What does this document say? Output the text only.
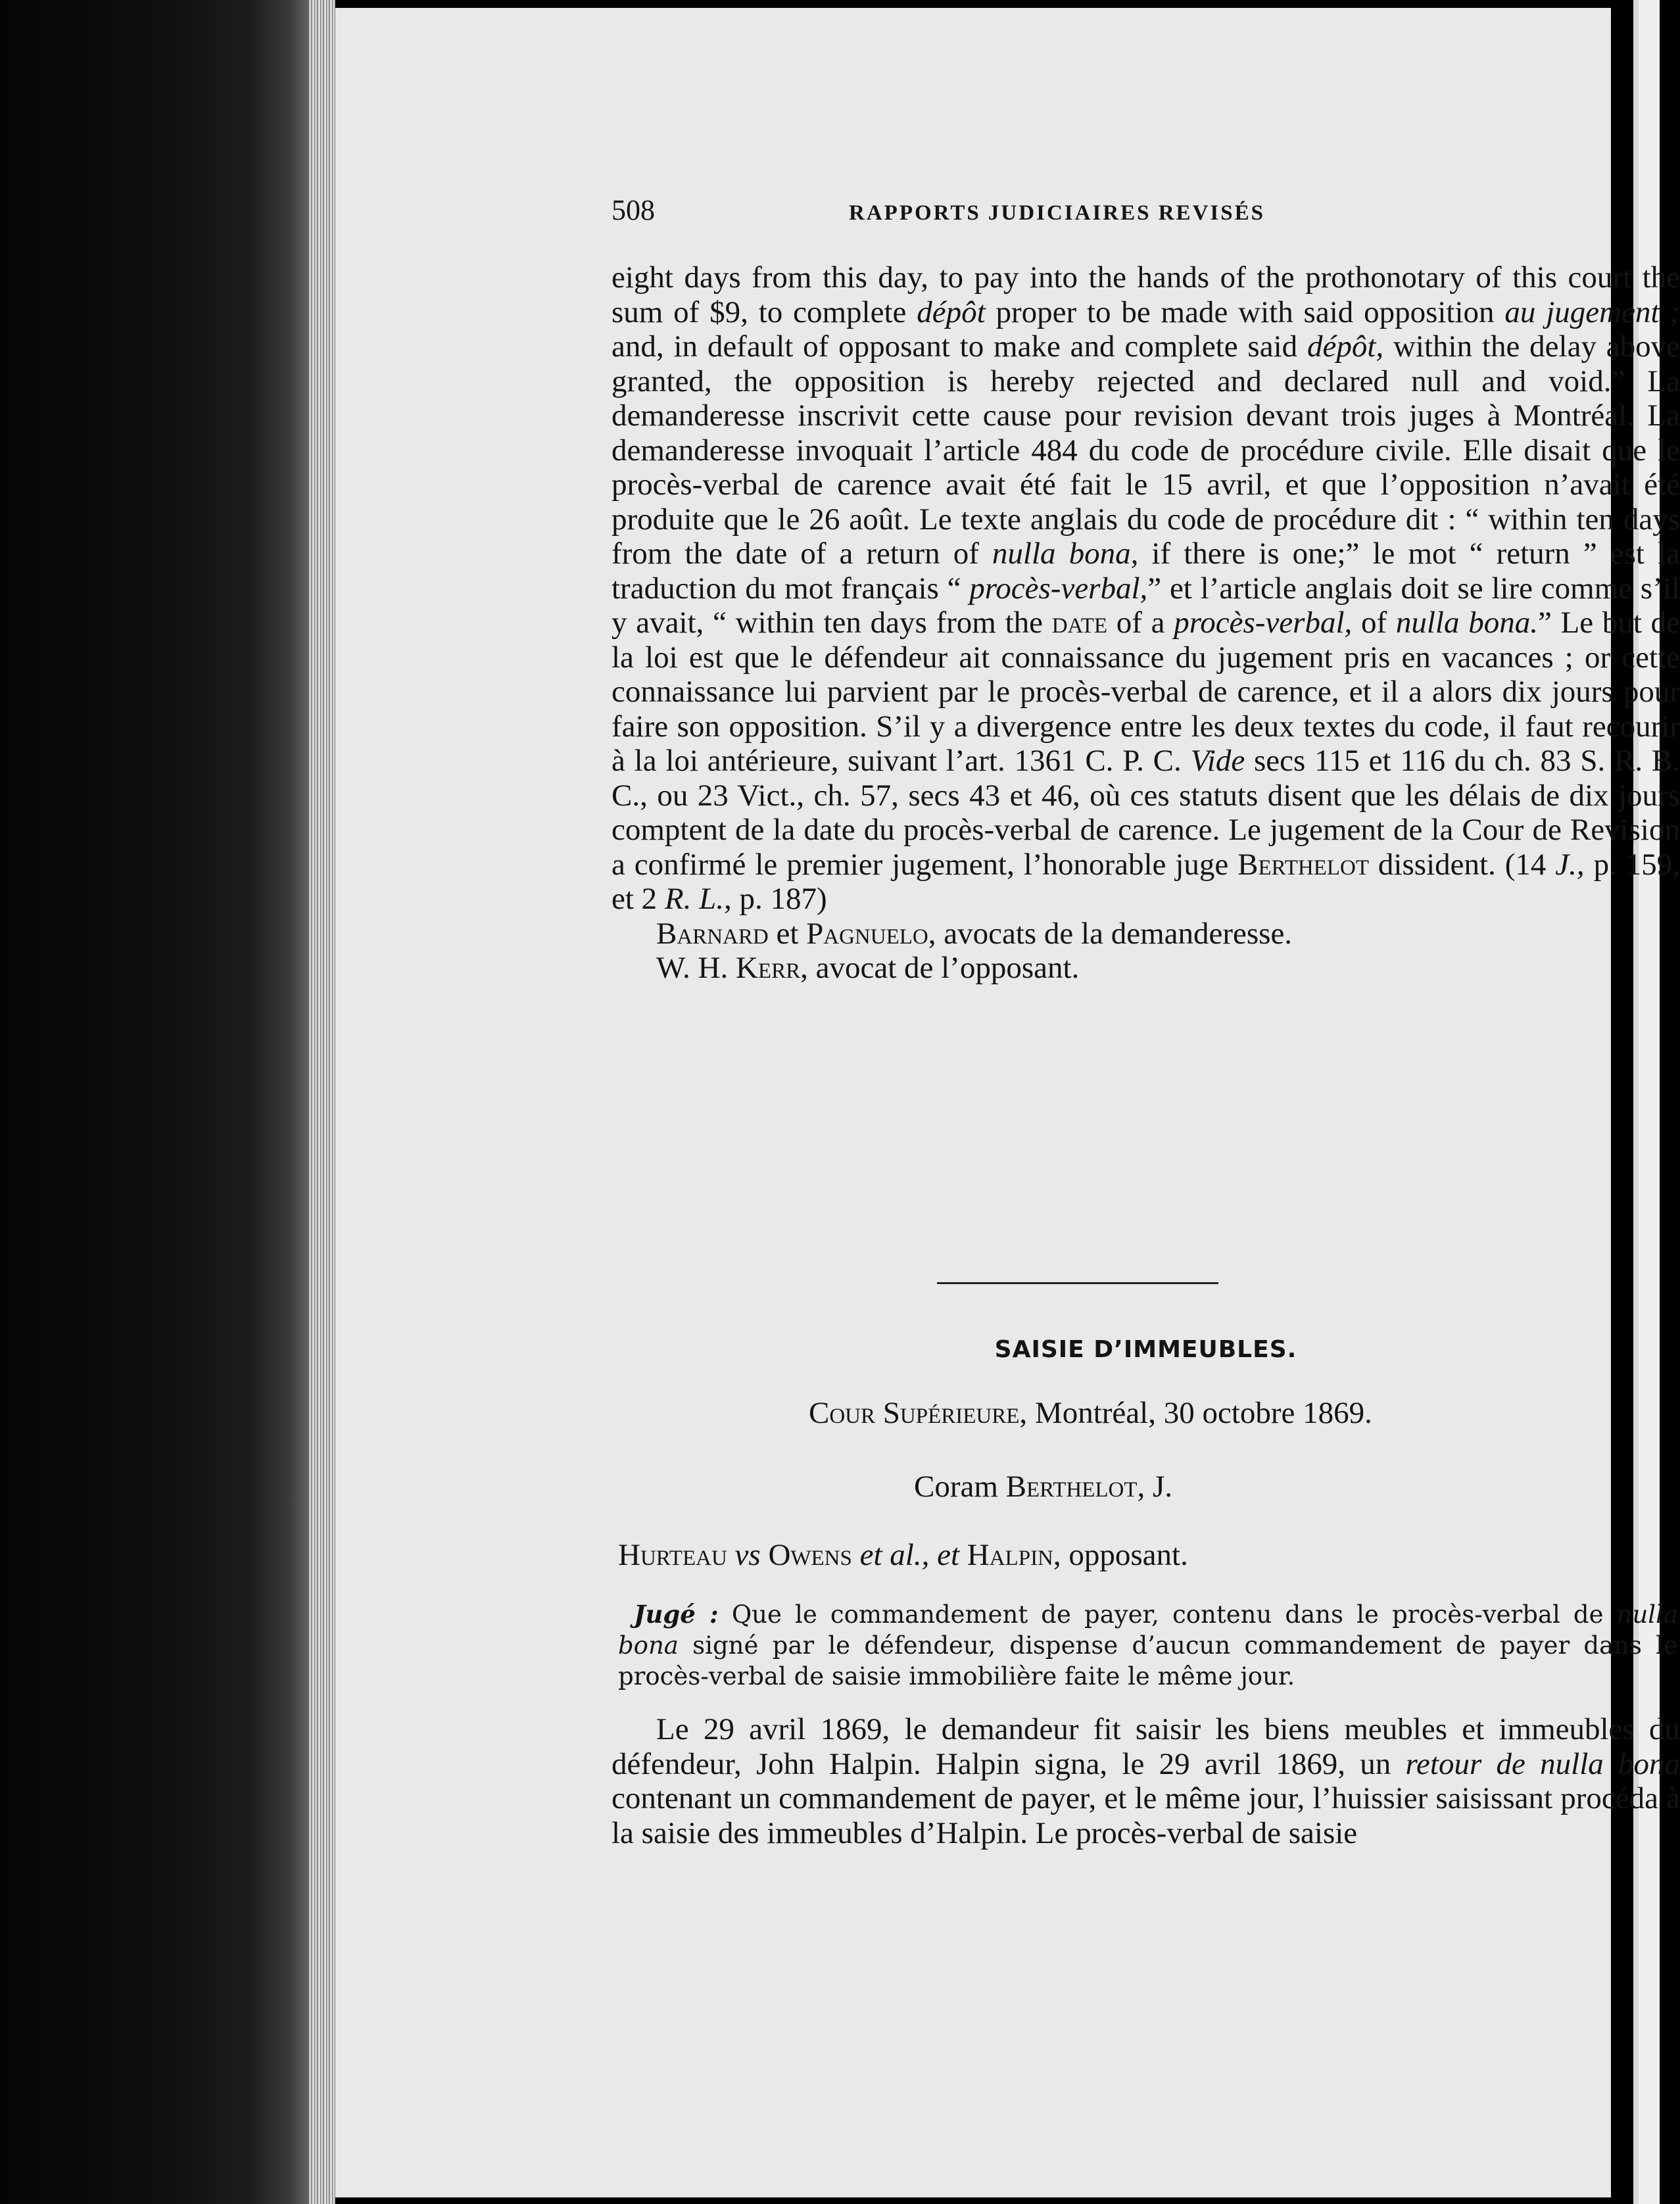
508	RAPPORTS JUDICIAIRES REVISÉS

eight days from this day, to pay into the hands of the prothonotary of this court the sum of $9, to complete dépôt proper to be made with said opposition au jugement ; and, in default of opposant to make and complete said dépôt, within the delay above granted, the opposition is hereby rejected and declared null and void.” La demanderesse inscrivit cette cause pour revision devant trois juges à Montréal. La demanderesse invoquait l’article 484 du code de procédure civile. Elle disait que le procès-verbal de carence avait été fait le 15 avril, et que l’opposition n’avait été produite que le 26 août. Le texte anglais du code de procédure dit : “ within ten days from the date of a return of nulla bona, if there is one;” le mot “ return ” est la traduction du mot français “ procès-verbal,” et l’article anglais doit se lire comme s’il y avait, “ within ten days from the date of a procès-verbal, of nulla bona.” Le but de la loi est que le défendeur ait connaissance du jugement pris en vacances ; or cette connaissance lui parvient par le procès-verbal de carence, et il a alors dix jours pour faire son opposition. S’il y a divergence entre les deux textes du code, il faut recourir à la loi antérieure, suivant l’art. 1361 C. P. C. Vide secs 115 et 116 du ch. 83 S. R. B. C., ou 23 Vict., ch. 57, secs 43 et 46, où ces statuts disent que les délais de dix jours comptent de la date du procès-verbal de carence. Le jugement de la Cour de Revision a confirmé le premier jugement, l’honorable juge Berthelot dissident. (14 J., p. 159, et 2 R. L., p. 187)

Barnard et Pagnuelo, avocats de la demanderesse.

W. H. Kerr, avocat de l’opposant.

SAISIE D’IMMEUBLES.
Cour Supérieure, Montréal, 30 octobre 1869.
Coram Berthelot, J.
Hurteau vs Owens et al., et Halpin, opposant.
Jugé : Que le commandement de payer, contenu dans le procès-verbal de nulla bona signé par le défendeur, dispense d’aucun commandement de payer dans le procès-verbal de saisie immobilière faite le même jour.

Le 29 avril 1869, le demandeur fit saisir les biens meubles et immeubles du défendeur, John Halpin. Halpin signa, le 29 avril 1869, un retour de nulla bona contenant un commandement de payer, et le même jour, l’huissier saisissant procéda à la saisie des immeubles d’Halpin. Le procès-verbal de saisie
